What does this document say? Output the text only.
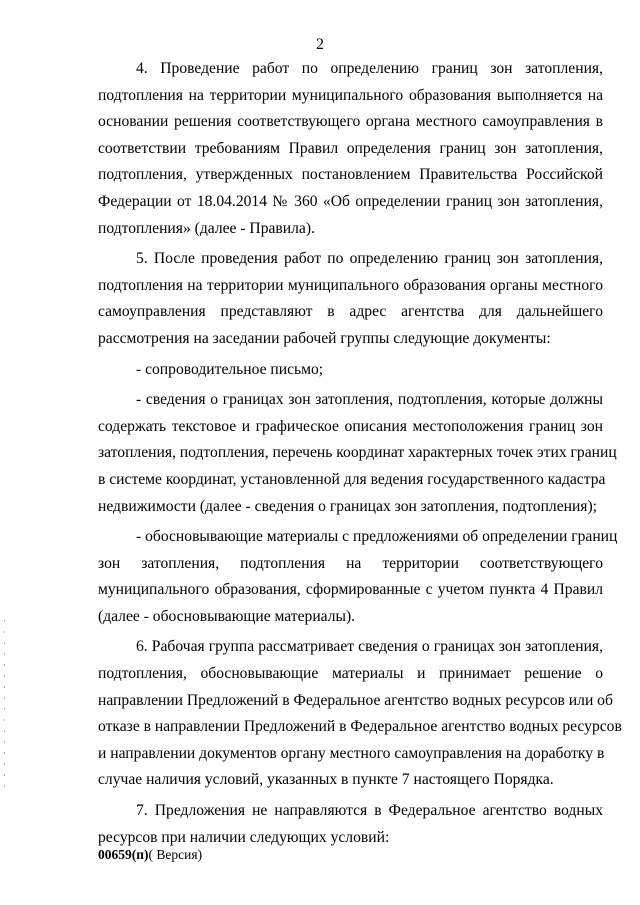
2
4. Проведение работ по определению границ зон затопления,
подтопления на территории муниципального образования выполняется на
основании решения соответствующего органа местного самоуправления в
соответствии требованиям Правил определения границ зон затопления,
подтопления, утвержденных постановлением Правительства Российской
Федерации от 18.04.2014 № 360 «Об определении границ зон затопления,
подтопления» (далее - Правила).
5. После проведения работ по определению границ зон затопления,
подтопления на территории муниципального образования органы местного
самоуправления представляют в адрес агентства для дальнейшего
рассмотрения на заседании рабочей группы следующие документы:
- сопроводительное письмо;
- сведения о границах зон затопления, подтопления, которые должны
содержать текстовое и графическое описания местоположения границ зон
затопления, подтопления, перечень координат характерных точек этих границ
в системе координат, установленной для ведения государственного кадастра
недвижимости (далее - сведения о границах зон затопления, подтопления);
- обосновывающие материалы с предложениями об определении границ
зон затопления, подтопления на территории соответствующего
муниципального образования, сформированные с учетом пункта 4 Правил
(далее - обосновывающие материалы).
6. Рабочая группа рассматривает сведения о границах зон затопления,
подтопления, обосновывающие материалы и принимает решение о
направлении Предложений в Федеральное агентство водных ресурсов или об
отказе в направлении Предложений в Федеральное агентство водных ресурсов
и направлении документов органу местного самоуправления на доработку в
случае наличия условий, указанных в пункте 7 настоящего Порядка.
7. Предложения не направляются в Федеральное агентство водных
ресурсов при наличии следующих условий:
00659(п)( Версия)
